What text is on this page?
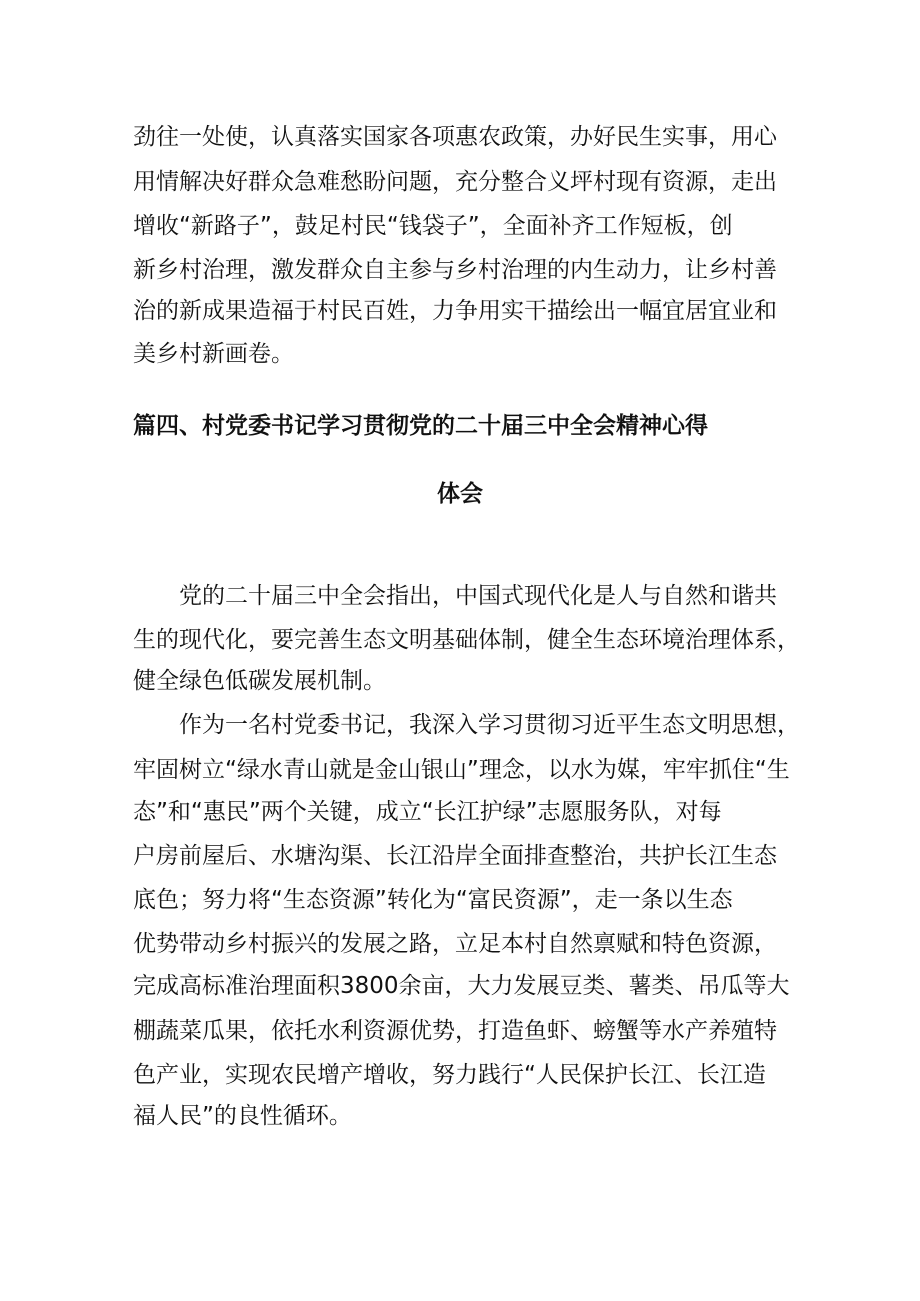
劲往一处使，认真落实国家各项惠农政策，办好民生实事，用心
用情解决好群众急难愁盼问题，充分整合义坪村现有资源，走出
增收“新路子”，鼓足村民“钱袋子”，全面补齐工作短板，创
新乡村治理，激发群众自主参与乡村治理的内生动力，让乡村善
治的新成果造福于村民百姓，力争用实干描绘出一幅宜居宜业和
美乡村新画卷。
篇四、村党委书记学习贯彻党的二十届三中全会精神心得
体会
党的二十届三中全会指出，中国式现代化是人与自然和谐共
生的现代化，要完善生态文明基础体制，健全生态环境治理体系，
健全绿色低碳发展机制。
作为一名村党委书记，我深入学习贯彻习近平生态文明思想，
牢固树立“绿水青山就是金山银山”理念，以水为媒，牢牢抓住“生
态”和“惠民”两个关键，成立“长江护绿”志愿服务队，对每
户房前屋后、水塘沟渠、长江沿岸全面排查整治，共护长江生态
底色；努力将“生态资源”转化为“富民资源”，走一条以生态
优势带动乡村振兴的发展之路，立足本村自然禀赋和特色资源，
完成高标准治理面积3800余亩，大力发展豆类、薯类、吊瓜等大
棚蔬菜瓜果，依托水利资源优势，打造鱼虾、螃蟹等水产养殖特
色产业，实现农民增产增收，努力践行“人民保护长江、长江造
福人民”的良性循环。
